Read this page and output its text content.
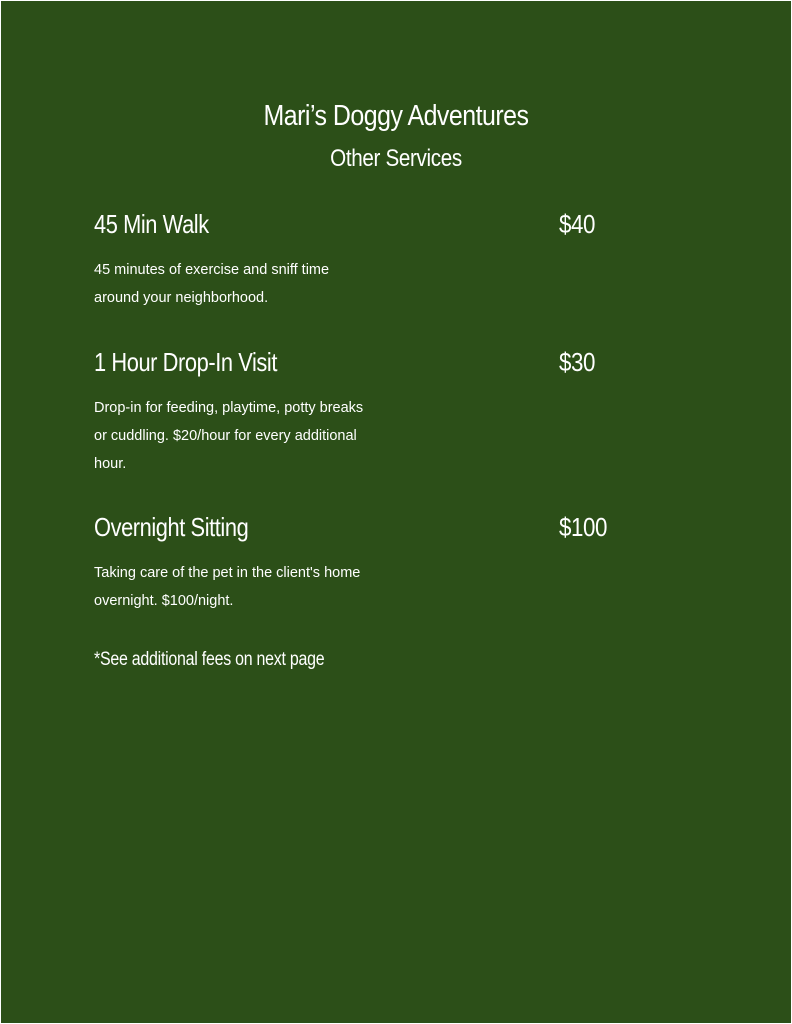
Mari’s Doggy Adventures
Other Services
45 Min Walk	$40
45 minutes of exercise and sniff time around your neighborhood.
1 Hour Drop-In Visit	$30
Drop-in for feeding, playtime, potty breaks or cuddling. $20/hour for every additional hour.
Overnight Sitting	$100
Taking care of the pet in the client's home overnight. $100/night.
*See additional fees on next page
